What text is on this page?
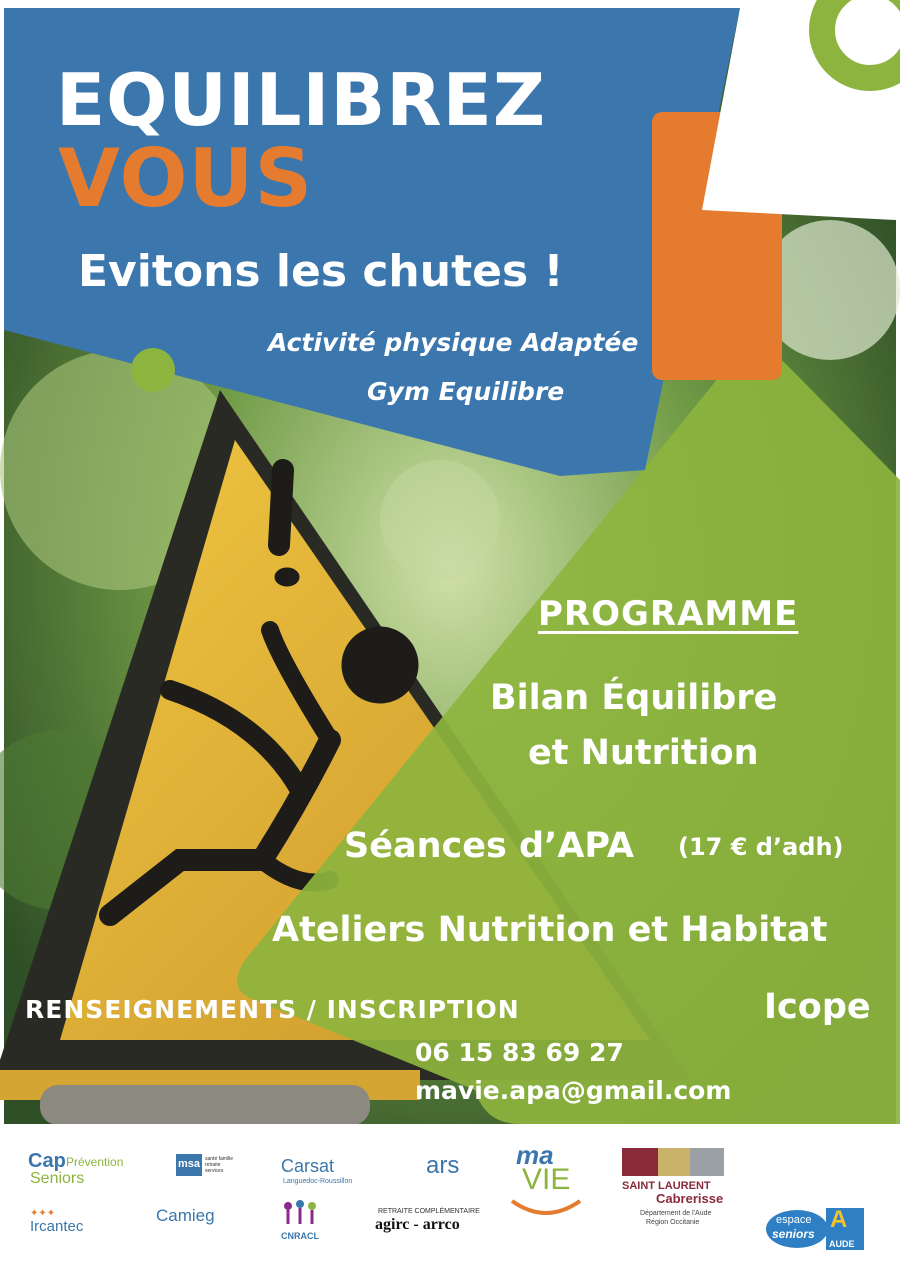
EQUILIBREZ
VOUS
Evitons les chutes !
Activité physique Adaptée
Gym Equilibre
PROGRAMME
Bilan Équilibre
et Nutrition
Séances d’APA (17 € d’adh)
Ateliers Nutrition et Habitat
Icope
RENSEIGNEMENTS / INSCRIPTION
06 15 83 69 27
mavie.apa@gmail.com
Cap Prévention
Seniors
msa santé famille retraite services	Carsat
Languedoc-Roussillon
ars ma
VIE	SAINT LAURENT
Cabrerisse
Département de l'Aude
Région Occitanie
✦✦✦
Ircantec
Camieg
CNRACL
RETRAITE COMPLÉMENTAIRE
agirc - arrco	espace
seniors
A
AUDE
